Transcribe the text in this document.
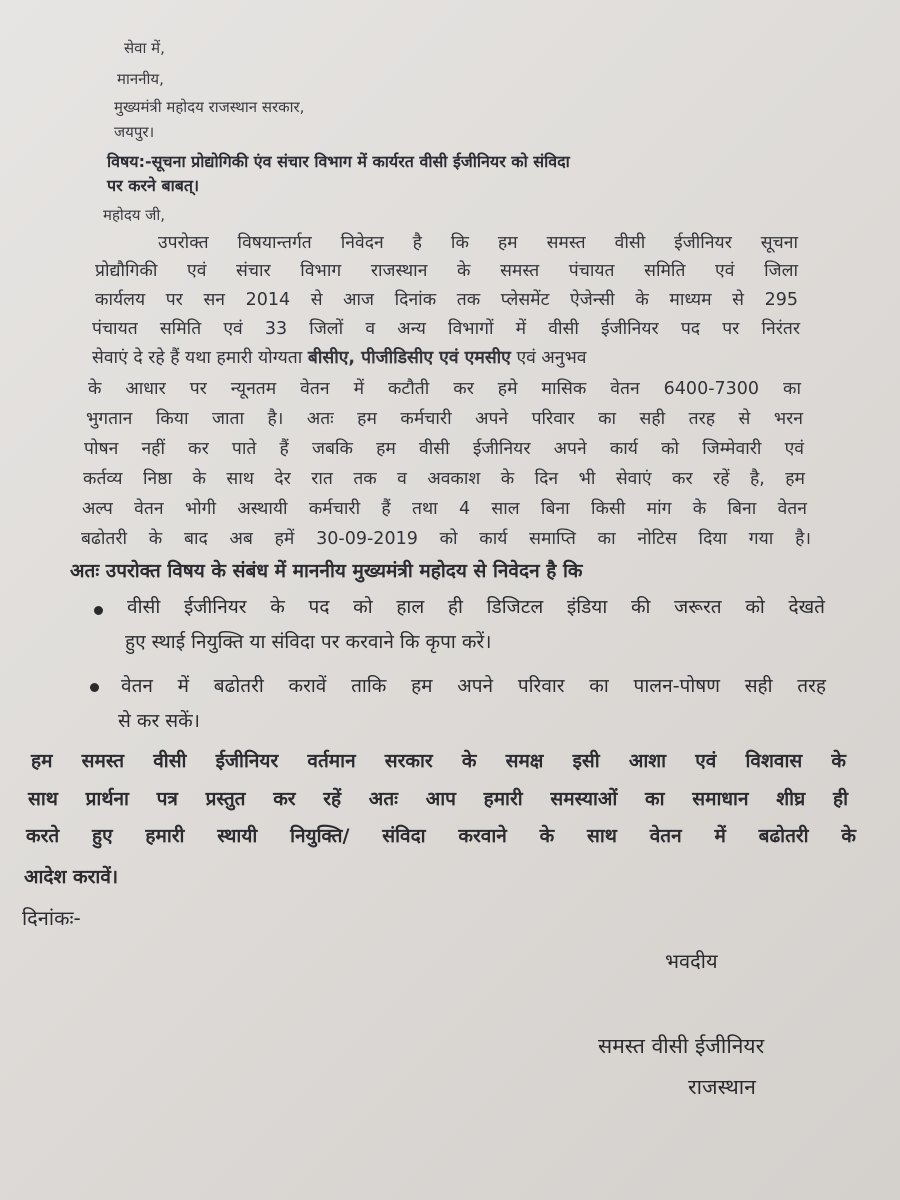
सेवा में,
माननीय,
मुख्यमंत्री महोदय राजस्थान सरकार,
जयपुर।
विषय:-सूचना प्रोद्योगिकी एंव संचार विभाग में कार्यरत वीसी ईजीनियर को संविदा
पर करने बाबत्।
महोदय जी,
उपरोक्त विषयान्तर्गत निवेदन है कि हम समस्त वीसी ईजीनियर सूचना
प्रोद्यौगिकी एवं संचार विभाग राजस्थान के समस्त पंचायत समिति एवं जिला
कार्यलय पर सन 2014 से आज दिनांक तक प्लेसमेंट ऐजेन्सी के माध्यम से 295
पंचायत समिति एवं 33 जिलों व अन्य विभागों में वीसी ईजीनियर पद पर निरंतर
सेवाएं दे रहे हैं यथा हमारी योग्यता बीसीए, पीजीडिसीए एवं एमसीए एवं अनुभव
के आधार पर न्यूनतम वेतन में कटौती कर हमे मासिक वेतन 6400-7300 का
भुगतान किया जाता है। अतः हम कर्मचारी अपने परिवार का सही तरह से भरन
पोषन नहीं कर पाते हैं जबकि हम वीसी ईजीनियर अपने कार्य को जिम्मेवारी एवं
कर्तव्य निष्ठा के साथ देर रात तक व अवकाश के दिन भी सेवाएं कर रहें है, हम
अल्प वेतन भोगी अस्थायी कर्मचारी हैं तथा 4 साल बिना किसी मांग के बिना वेतन
बढोतरी के बाद अब हमें 30-09-2019 को कार्य समाप्ति का नोटिस दिया गया है।
अतः उपरोक्त विषय के संबंध में माननीय मुख्यमंत्री महोदय से निवेदन है कि
वीसी ईजीनियर के पद को हाल ही डिजिटल इंडिया की जरूरत को देखते
हुए स्थाई नियुक्ति या संविदा पर करवाने कि कृपा करें।
वेतन में बढोतरी करावें ताकि हम अपने परिवार का पालन-पोषण सही तरह
से कर सकें।
हम समस्त वीसी ईजीनियर वर्तमान सरकार के समक्ष इसी आशा एवं विशवास के
साथ प्रार्थना पत्र प्रस्तुत कर रहें अतः आप हमारी समस्याओं का समाधान शीघ्र ही
करते हुए हमारी स्थायी नियुक्ति/ संविदा करवाने के साथ वेतन में बढोतरी के
आदेश करावें।
दिनांकः-
भवदीय
समस्त वीसी ईजीनियर
राजस्थान
